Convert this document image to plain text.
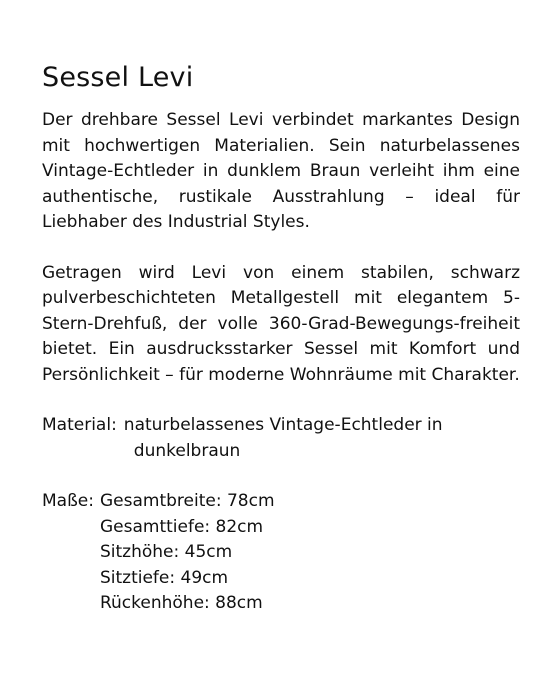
Sessel Levi

Der drehbare Sessel Levi verbindet markantes Design mit hochwertigen Materialien. Sein naturbelassenes Vintage-Echtleder in dunklem Braun verleiht ihm eine authentische, rustikale Ausstrahlung – ideal für Liebhaber des Industrial Styles.

Getragen wird Levi von einem stabilen, schwarz pulverbeschichteten Metallgestell mit elegantem 5-Stern-Drehfuß, der volle 360-Grad-Bewegungs-freiheit bietet. Ein ausdrucksstarker Sessel mit Komfort und Persönlichkeit – für moderne Wohnräume mit Charakter.

Material: naturbelassenes Vintage-Echtleder in
dunkelbraun
Maße: Gesamtbreite: 78cm
Gesamttiefe: 82cm
Sitzhöhe: 45cm
Sitztiefe: 49cm
Rückenhöhe: 88cm
